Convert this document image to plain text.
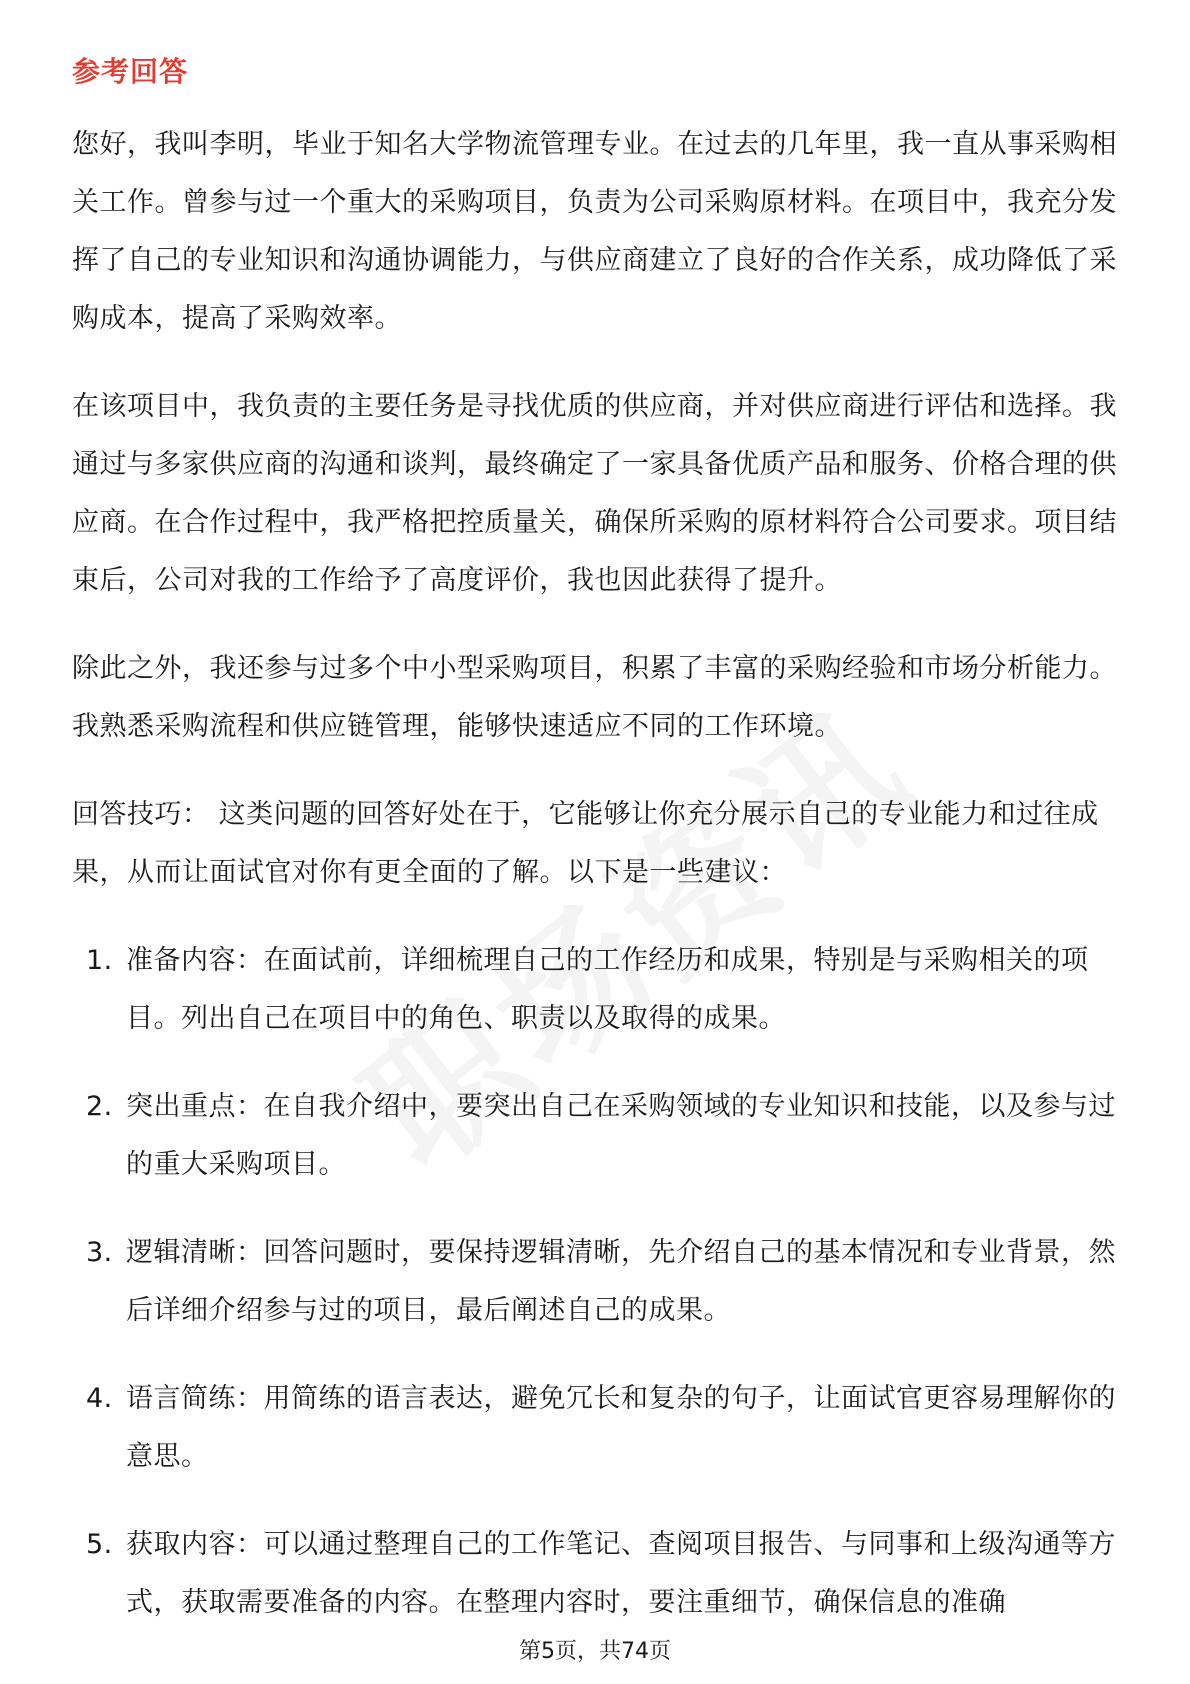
参考回答

您好，我叫李明，毕业于知名大学物流管理专业。在过去的几年里，我一直从事采购相关工作。曾参与过一个重大的采购项目，负责为公司采购原材料。在项目中，我充分发挥了自己的专业知识和沟通协调能力，与供应商建立了良好的合作关系，成功降低了采购成本，提高了采购效率。

在该项目中，我负责的主要任务是寻找优质的供应商，并对供应商进行评估和选择。我通过与多家供应商的沟通和谈判，最终确定了一家具备优质产品和服务、价格合理的供应商。在合作过程中，我严格把控质量关，确保所采购的原材料符合公司要求。项目结束后，公司对我的工作给予了高度评价，我也因此获得了提升。

除此之外，我还参与过多个中小型采购项目，积累了丰富的采购经验和市场分析能力。我熟悉采购流程和供应链管理，能够快速适应不同的工作环境。

回答技巧： 这类问题的回答好处在于，它能够让你充分展示自己的专业能力和过往成果，从而让面试官对你有更全面的了解。以下是一些建议：

1. 准备内容：在面试前，详细梳理自己的工作经历和成果，特别是与采购相关的项目。列出自己在项目中的角色、职责以及取得的成果。
2. 突出重点：在自我介绍中，要突出自己在采购领域的专业知识和技能，以及参与过的重大采购项目。
3. 逻辑清晰：回答问题时，要保持逻辑清晰，先介绍自己的基本情况和专业背景，然后详细介绍参与过的项目，最后阐述自己的成果。
4. 语言简练：用简练的语言表达，避免冗长和复杂的句子，让面试官更容易理解你的意思。
5. 获取内容：可以通过整理自己的工作笔记、查阅项目报告、与同事和上级沟通等方式，获取需要准备的内容。在整理内容时，要注重细节，确保信息的准确
第5页，共74页
